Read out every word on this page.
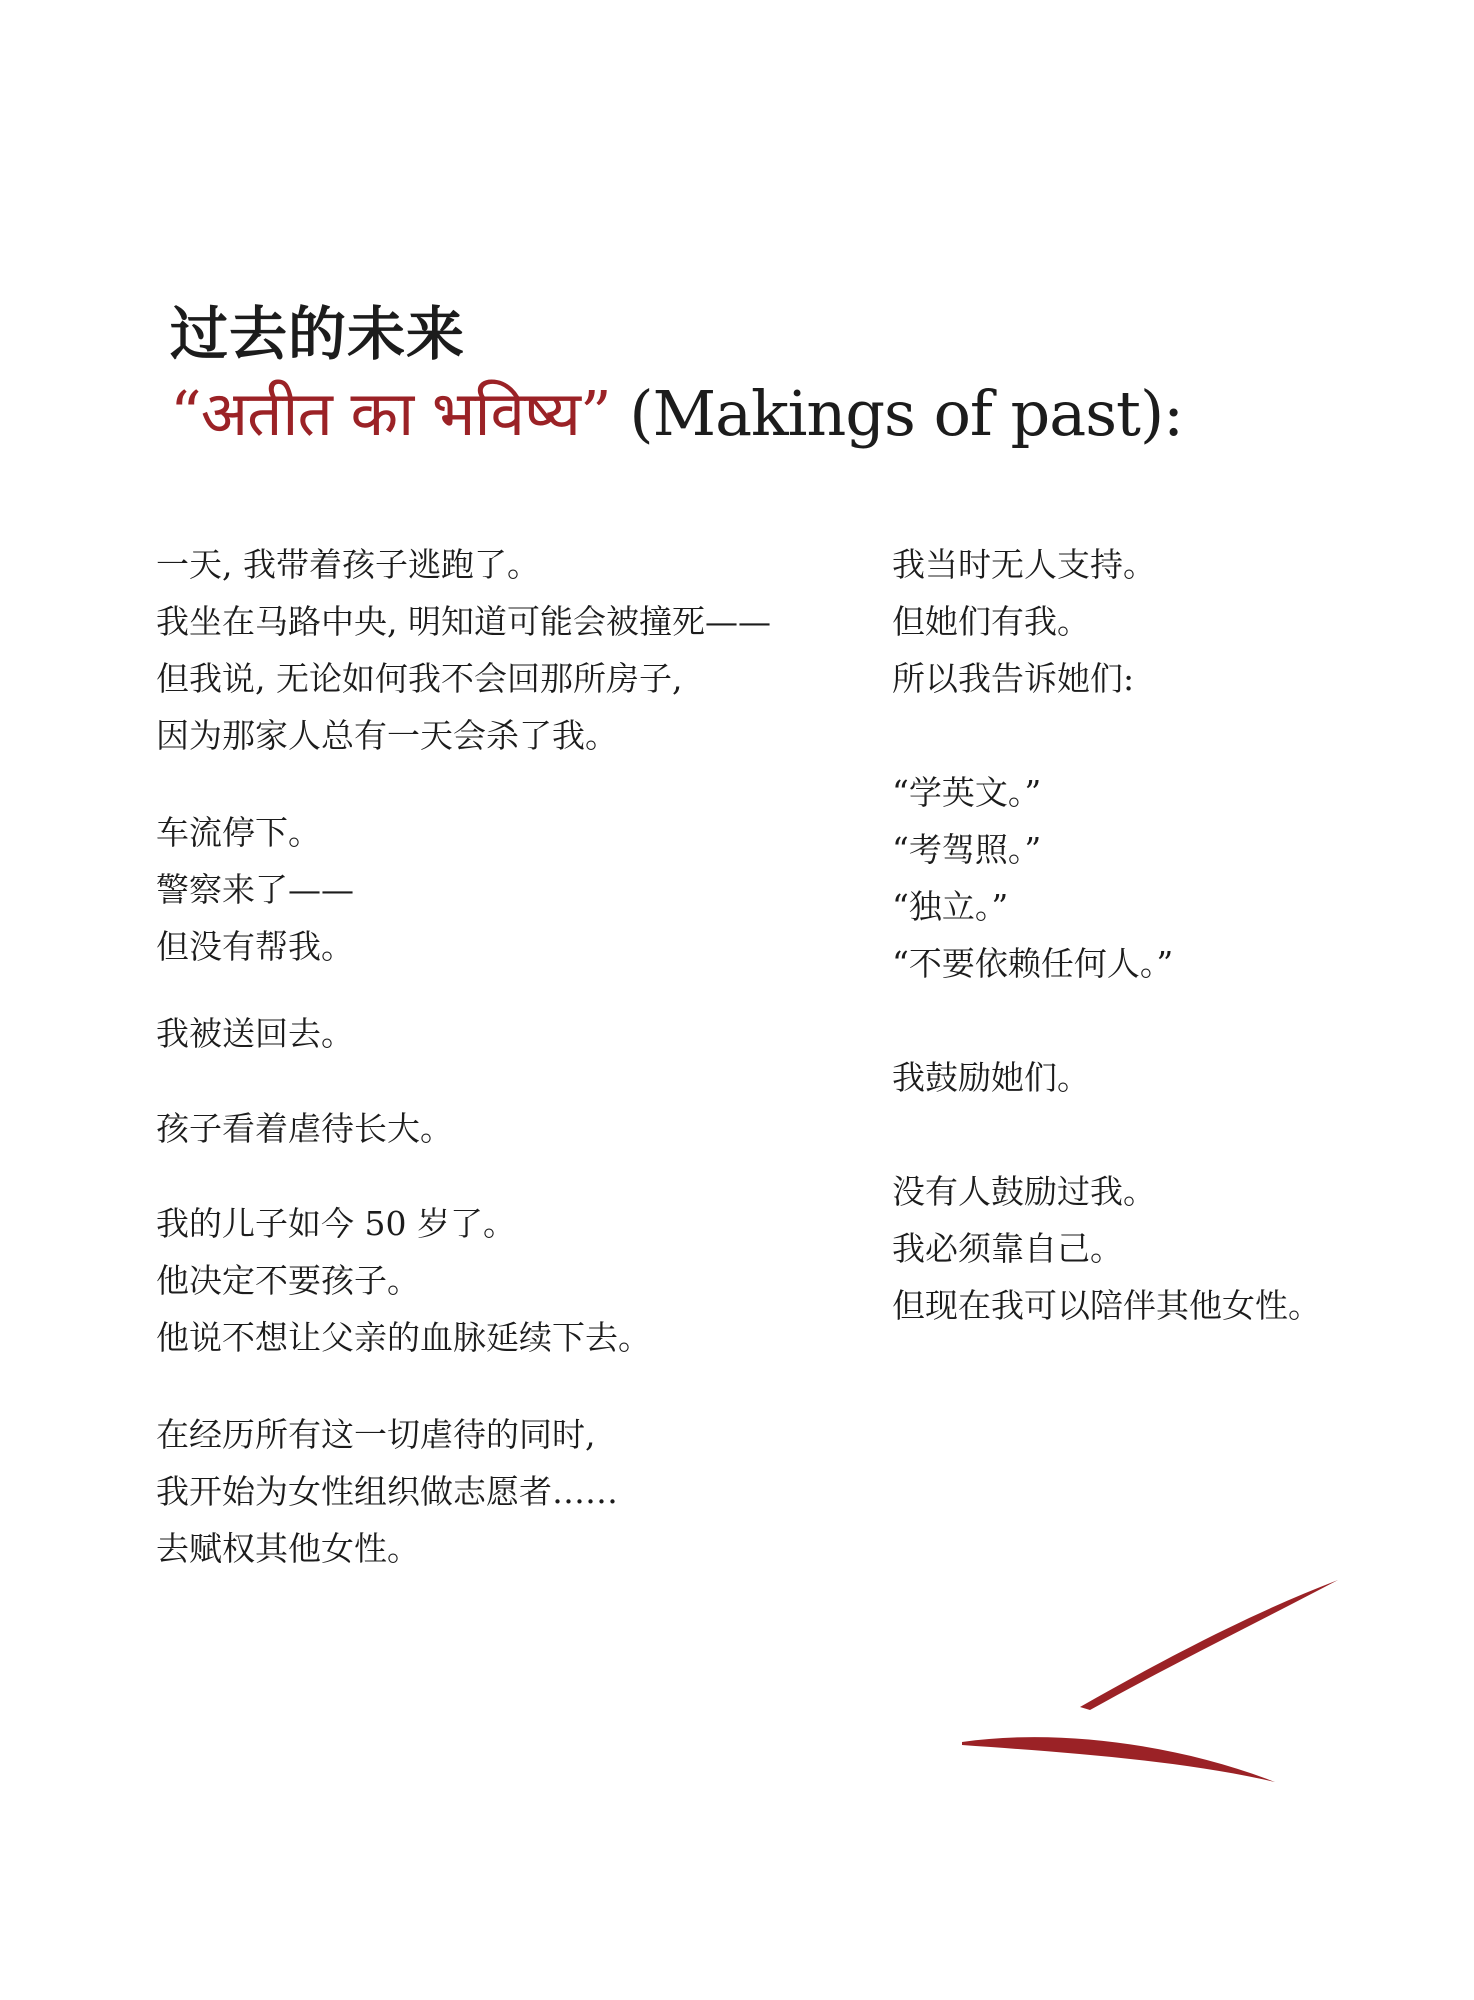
过去的未来
“अतीत का भविष्य” (Makings of past):
一天, 我带着孩子逃跑了。
我坐在马路中央, 明知道可能会被撞死——
但我说, 无论如何我不会回那所房子,
因为那家人总有一天会杀了我。
车流停下。
警察来了——
但没有帮我。
我被送回去。
孩子看着虐待长大。
我的儿子如今 50 岁了。
他决定不要孩子。
他说不想让父亲的血脉延续下去。
在经历所有这一切虐待的同时,
我开始为女性组织做志愿者……
去赋权其他女性。
我当时无人支持。
但她们有我。
所以我告诉她们:
“学英文。”
“考驾照。”
“独立。”
“不要依赖任何人。”
我鼓励她们。
没有人鼓励过我。
我必须靠自己。
但现在我可以陪伴其他女性。
